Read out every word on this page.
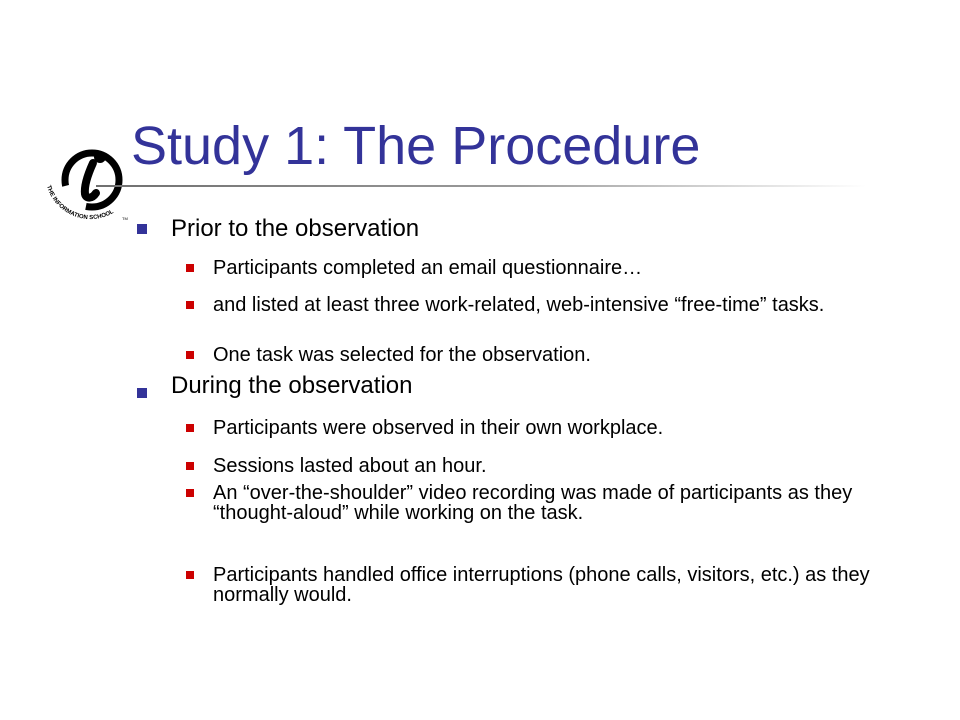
THE INFORMATION SCHOOL
TM
Study 1: The Procedure
Prior to the observation
Participants completed an email questionnaire…
and listed at least three work-related, web-intensive “free-time” tasks.
One task was selected for the observation.
During the observation
Participants were observed in their own workplace.
Sessions lasted about an hour.
An “over-the-shoulder” video recording was made of participants as they “thought-aloud” while working on the task.
Participants handled office interruptions (phone calls, visitors, etc.) as they normally would.
